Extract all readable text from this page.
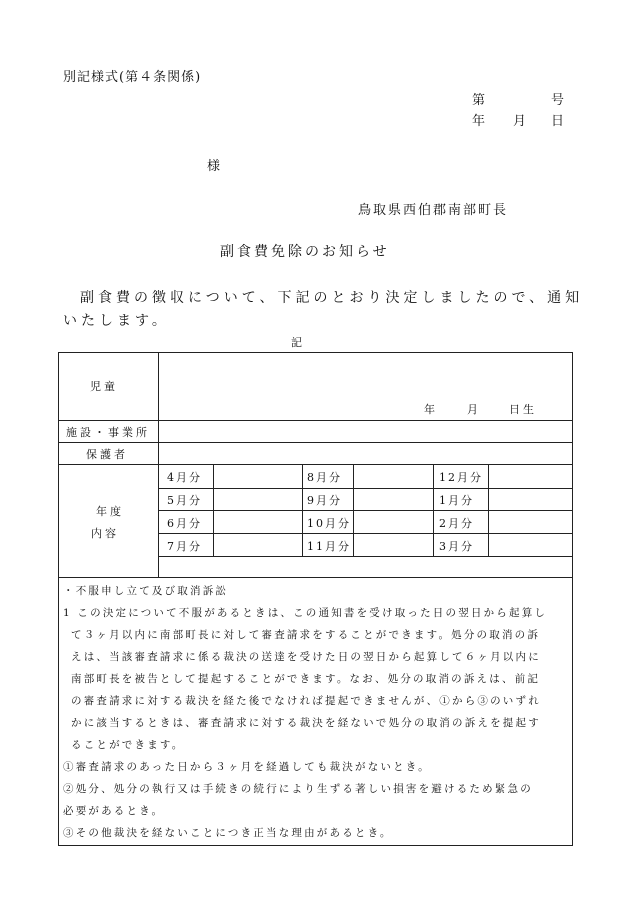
別記様式(第４条関係)
第	号
年 月 日
様
鳥取県西伯郡南部町長
副食費免除のお知らせ
副食費の徴収について、下記のとおり決定しましたので、通知
いたします。
記
児童
年	月	日生
施設・事業所
保護者
年度
内容
4月分	8月分	12月分
5月分	9月分	1月分
6月分	10月分	2月分
7月分	11月分	3月分
・不服申し立て及び取消訴訟
1 この決定について不服があるときは、この通知書を受け取った日の翌日から起算し
て３ヶ月以内に南部町長に対して審査請求をすることができます。処分の取消の訴
えは、当該審査請求に係る裁決の送達を受けた日の翌日から起算して６ヶ月以内に
南部町長を被告として提起することができます。なお、処分の取消の訴えは、前記
の審査請求に対する裁決を経た後でなければ提起できませんが、①から③のいずれ
かに該当するときは、審査請求に対する裁決を経ないで処分の取消の訴えを提起す
ることができます。
①審査請求のあった日から３ヶ月を経過しても裁決がないとき。
②処分、処分の執行又は手続きの続行により生ずる著しい損害を避けるため緊急の
必要があるとき。
③その他裁決を経ないことにつき正当な理由があるとき。
